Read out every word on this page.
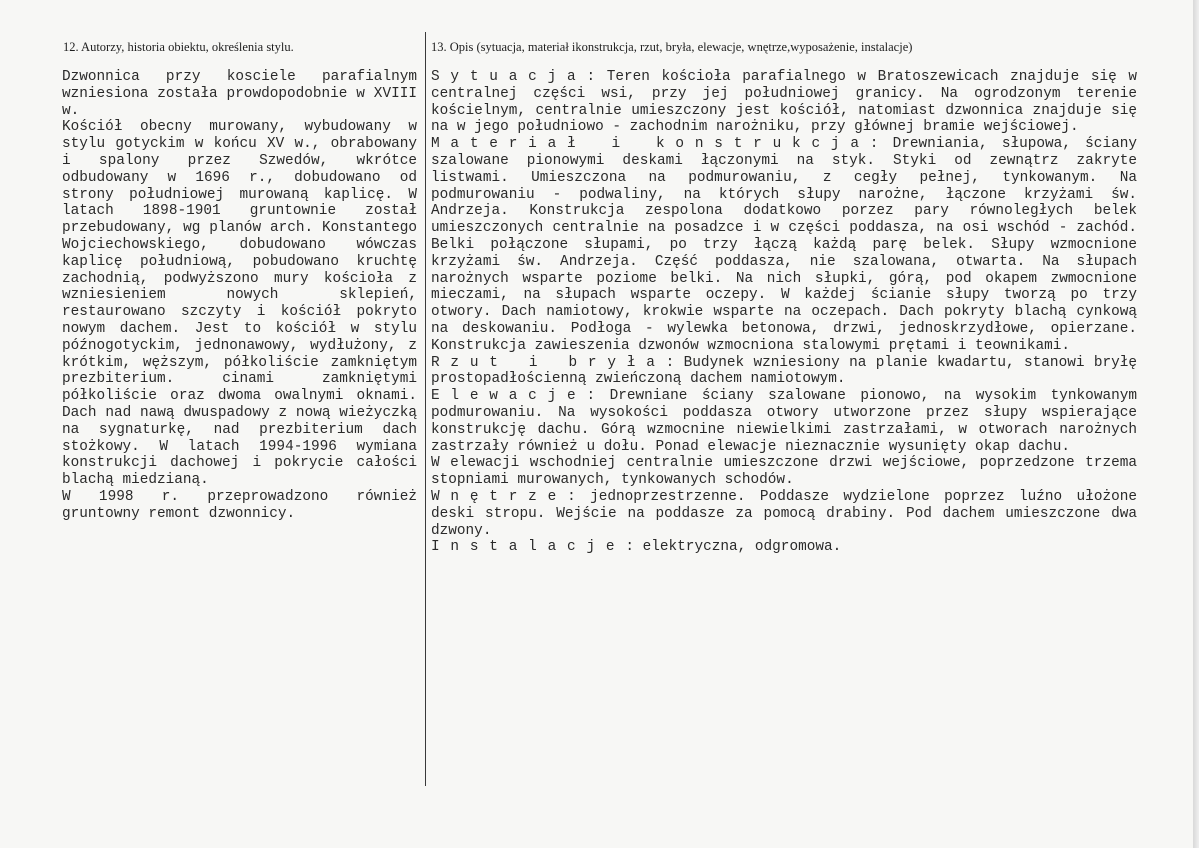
12. Autorzy, historia obiektu, określenia stylu.	13. Opis (sytuacja, materiał ikonstrukcja, rzut, bryła, elewacje, wnętrze,wyposażenie, instalacje)

Dzwonnica przy kosciele parafialnym wzniesiona została prowdopodobnie w XVIII w.

Kościół obecny murowany, wybudowany w stylu gotyckim w końcu XV w., obrabowany i spalony przez Szwedów, wkrótce odbudowany w 1696 r., dobudowano od strony południowej murowaną kaplicę. W latach 1898-1901 gruntownie został przebudowany, wg planów arch. Konstantego Wojciechowskiego, dobudowano wówczas kaplicę południową, pobudowano kruchtę zachodnią, podwyższono mury kościoła z wzniesieniem nowych sklepień, restaurowano szczyty i kościół pokryto nowym dachem. Jest to kościół w stylu późnogotyckim, jednonawowy, wydłużony, z krótkim, węższym, półkoliście zamkniętym prezbiterium. cinami zamkniętymi półkoliście oraz dwoma owalnymi oknami. Dach nad nawą dwuspadowy z nową wieżyczką na sygnaturkę, nad prezbiterium dach stożkowy. W latach 1994-1996 wymiana konstrukcji dachowej i pokrycie całości blachą miedzianą.

W 1998 r. przeprowadzono również gruntowny remont dzwonnicy.

Sytuacja: Teren kościoła parafialnego w Bratoszewicach znajduje się w centralnej części wsi, przy jej południowej granicy. Na ogrodzonym terenie kościelnym, centralnie umieszczony jest kościół, natomiast dzwonnica znajduje się na w jego południowo - zachodnim narożniku, przy głównej bramie wejściowej.

Materiał i konstrukcja: Drewniania, słupowa, ściany szalowane pionowymi deskami łączonymi na styk. Styki od zewnątrz zakryte listwami. Umieszczona na podmurowaniu, z cegły pełnej, tynkowanym. Na podmurowaniu - podwaliny, na których słupy narożne, łączone krzyżami św. Andrzeja. Konstrukcja zespolona dodatkowo porzez pary równoległych belek umieszczonych centralnie na posadzce i w części poddasza, na osi wschód - zachód. Belki połączone słupami, po trzy łączą każdą parę belek. Słupy wzmocnione krzyżami św. Andrzeja. Część poddasza, nie szalowana, otwarta. Na słupach narożnych wsparte poziome belki. Na nich słupki, górą, pod okapem zwmocnione mieczami, na słupach wsparte oczepy. W każdej ścianie słupy tworzą po trzy otwory. Dach namiotowy, krokwie wsparte na oczepach. Dach pokryty blachą cynkową na deskowaniu. Podłoga - wylewka betonowa, drzwi, jednoskrzydłowe, opierzane. Konstrukcja zawieszenia dzwonów wzmocniona stalowymi prętami i teownikami.

Rzut i bryła: Budynek wzniesiony na planie kwadartu, stanowi bryłę prostopadłościenną zwieńczoną dachem namiotowym.

Elewacje: Drewniane ściany szalowane pionowo, na wysokim tynkowanym podmurowaniu. Na wysokości poddasza otwory utworzone przez słupy wspierające konstrukcję dachu. Górą wzmocnine niewielkimi zastrzałami, w otworach narożnych zastrzały również u dołu. Ponad elewacje nieznacznie wysunięty okap dachu.

W elewacji wschodniej centralnie umieszczone drzwi wejściowe, poprzedzone trzema stopniami murowanych, tynkowanych schodów.

Wnętrze: jednoprzestrzenne. Poddasze wydzielone poprzez luźno ułożone deski stropu. Wejście na poddasze za pomocą drabiny. Pod dachem umieszczone dwa dzwony.

Instalacje: elektryczna, odgromowa.
